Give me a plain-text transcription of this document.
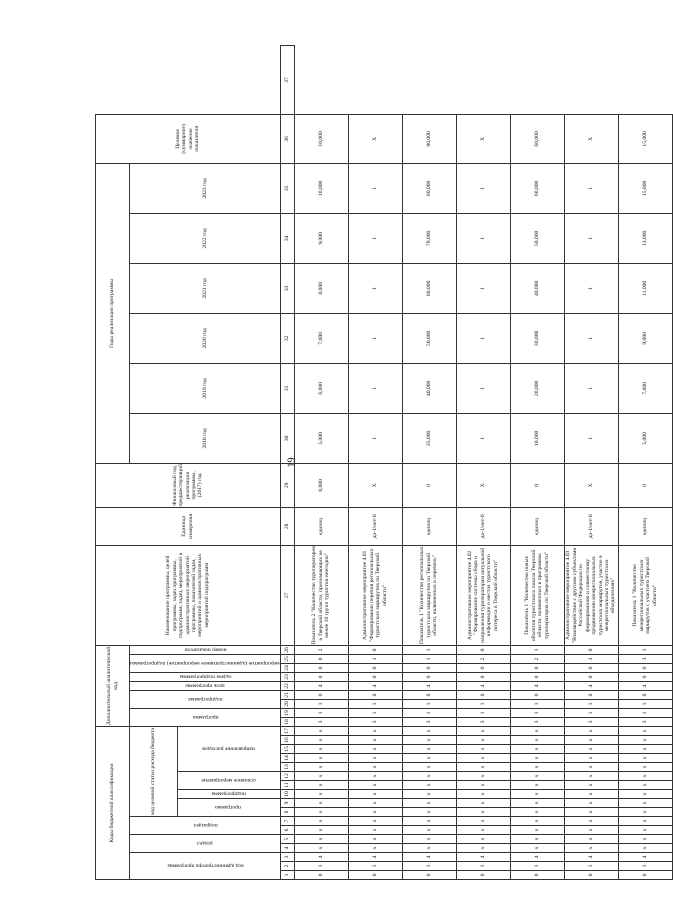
19
Коды бюджетной классификации																	Дополнительный аналитический код									Наименование программы, целей программы, задач программы, подпрограмм, задач, мероприятий и административных мероприятий программы, показателей задач, мероприятий и административных мероприятий подпрограмм	Единица измерения	Финансовый год, предшествующий реализации программы, (2017) год	Годы реализации программы						Целевое (суммарное) значение показателя	
код администратора программы			раздел		подраздел		код целевой статьи расхода бюджета										программа		подпрограмма		цель программы	задача подпрограммы	мероприятие (административное мероприятие) подпрограммы		номер показателя				2018 год	2019 год	2020 год	2021 год	2022 год	2023 год		
							программа		подпрограмма	основное мероприятие		направление расходов																								
1	2	3	4	5	6	7	8	9	10	11	12	13	14	15	16	17	18	19	20	21	22	23	24	25	26	27	28	29	30	31	32	33	34	35	36	37
0	1	4	x	x	x	x	x	x	x	x	x	x	x	x	x	x	3	1	1	0	4	0	0	0	2	Показатель 2 "Количество туроператоров в Тверской области, принимающих не менее 10 групп туристов ежегодно"	единиц	0,000	5,000	6,000	7,000	8,000	9,000	10,000	10,000	
0	1	4	x	x	x	x	x	x	x	x	x	x	x	x	x	x	3	1	1	0	4	0	0	1	0	Административное мероприятие 4.01 "Формирование перечня региональных туристских маршрутов по Тверской области"	да-1/нет-0	X	1	1	1	1	1	1	X	
0	1	4	x	x	x	x	x	x	x	x	x	x	x	x	x	x	3	1	1	0	4	0	0	1	1	Показатель 1 "Количество региональных туристских маршрутов по Тверской области, включенных в перечень"	единиц	0	35,000	40,000	50,000	60,000	70,000	80,000	80,000	
0	1	4	x	x	x	x	x	x	x	x	x	x	x	x	x	x	3	1	1	0	4	0	0	2	0	Административное мероприятие 4.02 "Формирование системы сбора и направления туроператорам актуальной информации о местах туристского интереса в Тверской области"	да-1/нет-0	X	1	1	1	1	1	1	X	
0	1	4	x	x	x	x	x	x	x	x	x	x	x	x	x	x	3	1	1	0	4	0	0	2	1	Показатель 1 "Количество новых объектов туристского показа Тверской области, включенных в программы туроператоров по Тверской области"	единиц	0	10,000	20,000	30,000	40,000	50,000	60,000	60,000	
0	1	4	x	x	x	x	x	x	x	x	x	x	x	x	x	x	3	1	1	0	4	0	0	3	0	Административное мероприятие 4.03 "Взаимодействие с другими субъектами Российской Федерации по формированию и совместному продвижению межрегиональных туристских маршрутов, участие в межрегиональных туристских объединениях"	да-1/нет-0	X	1	1	1	1	1	1	X	
0	1	4	x	x	x	x	x	x	x	x	x	x	x	x	x	x	3	1	1	0	4	0	0	3	1	Показатель 1 "Количество межрегиональных туристских маршрутов с участием Тверской области"	единиц	0	5,000	7,000	9,000	11,000	13,000	15,000	15,000	
